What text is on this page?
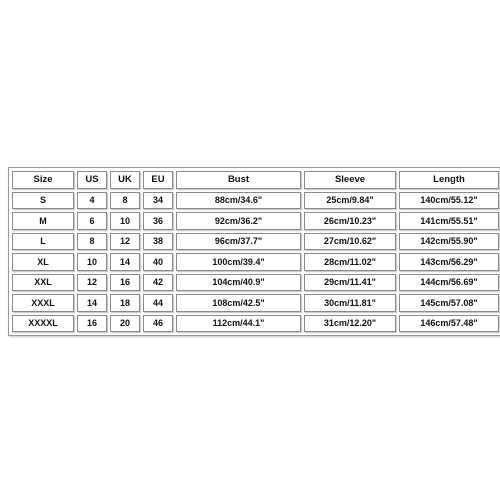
Size	US	UK	EU	Bust	Sleeve	Length
S	4	8	34	88cm/34.6"	25cm/9.84"	140cm/55.12"
M	6	10	36	92cm/36.2"	26cm/10.23"	141cm/55.51"
L	8	12	38	96cm/37.7"	27cm/10.62"	142cm/55.90"
XL	10	14	40	100cm/39.4"	28cm/11.02"	143cm/56.29"
XXL	12	16	42	104cm/40.9"	29cm/11.41"	144cm/56.69"
XXXL	14	18	44	108cm/42.5"	30cm/11.81"	145cm/57.08"
XXXXL	16	20	46	112cm/44.1"	31cm/12.20"	146cm/57.48"
